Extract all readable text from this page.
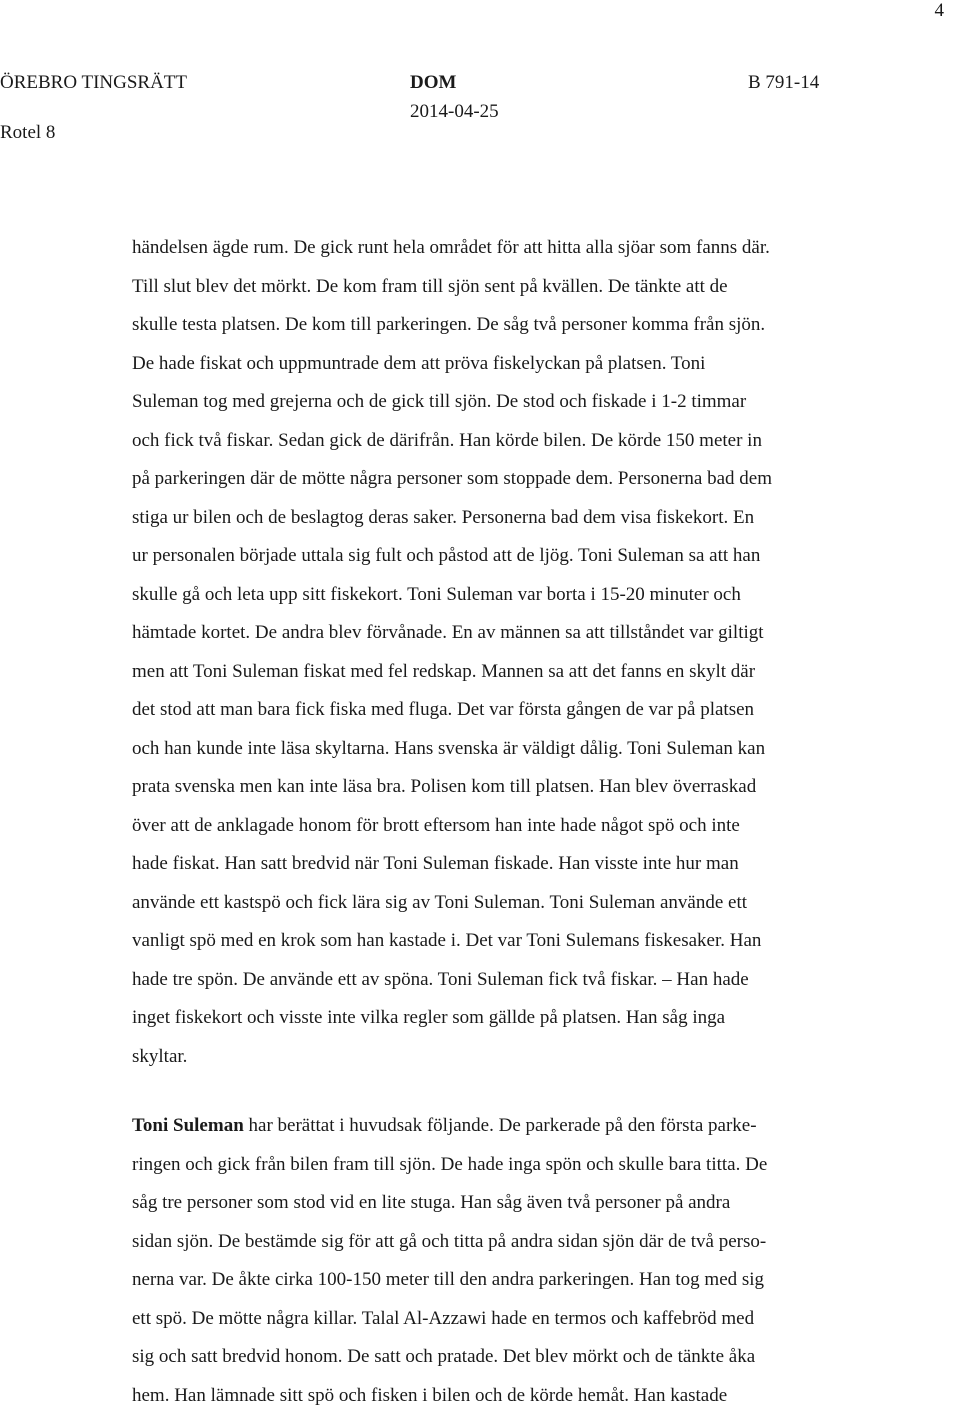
4
ÖREBRO TINGSRÄTT
Rotel 8
DOM
2014-04-25
B 791-14
händelsen ägde rum. De gick runt hela området för att hitta alla sjöar som fanns där.
Till slut blev det mörkt. De kom fram till sjön sent på kvällen. De tänkte att de
skulle testa platsen. De kom till parkeringen. De såg två personer komma från sjön.
De hade fiskat och uppmuntrade dem att pröva fiskelyckan på platsen. Toni
Suleman tog med grejerna och de gick till sjön. De stod och fiskade i 1-2 timmar
och fick två fiskar. Sedan gick de därifrån. Han körde bilen. De körde 150 meter in
på parkeringen där de mötte några personer som stoppade dem. Personerna bad dem
stiga ur bilen och de beslagtog deras saker. Personerna bad dem visa fiskekort. En
ur personalen började uttala sig fult och påstod att de ljög. Toni Suleman sa att han
skulle gå och leta upp sitt fiskekort. Toni Suleman var borta i 15-20 minuter och
hämtade kortet. De andra blev förvånade. En av männen sa att tillståndet var giltigt
men att Toni Suleman fiskat med fel redskap. Mannen sa att det fanns en skylt där
det stod att man bara fick fiska med fluga. Det var första gången de var på platsen
och han kunde inte läsa skyltarna. Hans svenska är väldigt dålig. Toni Suleman kan
prata svenska men kan inte läsa bra. Polisen kom till platsen. Han blev överraskad
över att de anklagade honom för brott eftersom han inte hade något spö och inte
hade fiskat. Han satt bredvid när Toni Suleman fiskade. Han visste inte hur man
använde ett kastspö och fick lära sig av Toni Suleman. Toni Suleman använde ett
vanligt spö med en krok som han kastade i. Det var Toni Sulemans fiskesaker. Han
hade tre spön. De använde ett av spöna. Toni Suleman fick två fiskar. – Han hade
inget fiskekort och visste inte vilka regler som gällde på platsen. Han såg inga
skyltar.
Toni Suleman har berättat i huvudsak följande. De parkerade på den första parke-
ringen och gick från bilen fram till sjön. De hade inga spön och skulle bara titta. De
såg tre personer som stod vid en lite stuga. Han såg även två personer på andra
sidan sjön. De bestämde sig för att gå och titta på andra sidan sjön där de två perso-
nerna var. De åkte cirka 100-150 meter till den andra parkeringen. Han tog med sig
ett spö. De mötte några killar. Talal Al-Azzawi hade en termos och kaffebröd med
sig och satt bredvid honom. De satt och pratade. Det blev mörkt och de tänkte åka
hem. Han lämnade sitt spö och fisken i bilen och de körde hemåt. Han kastade
